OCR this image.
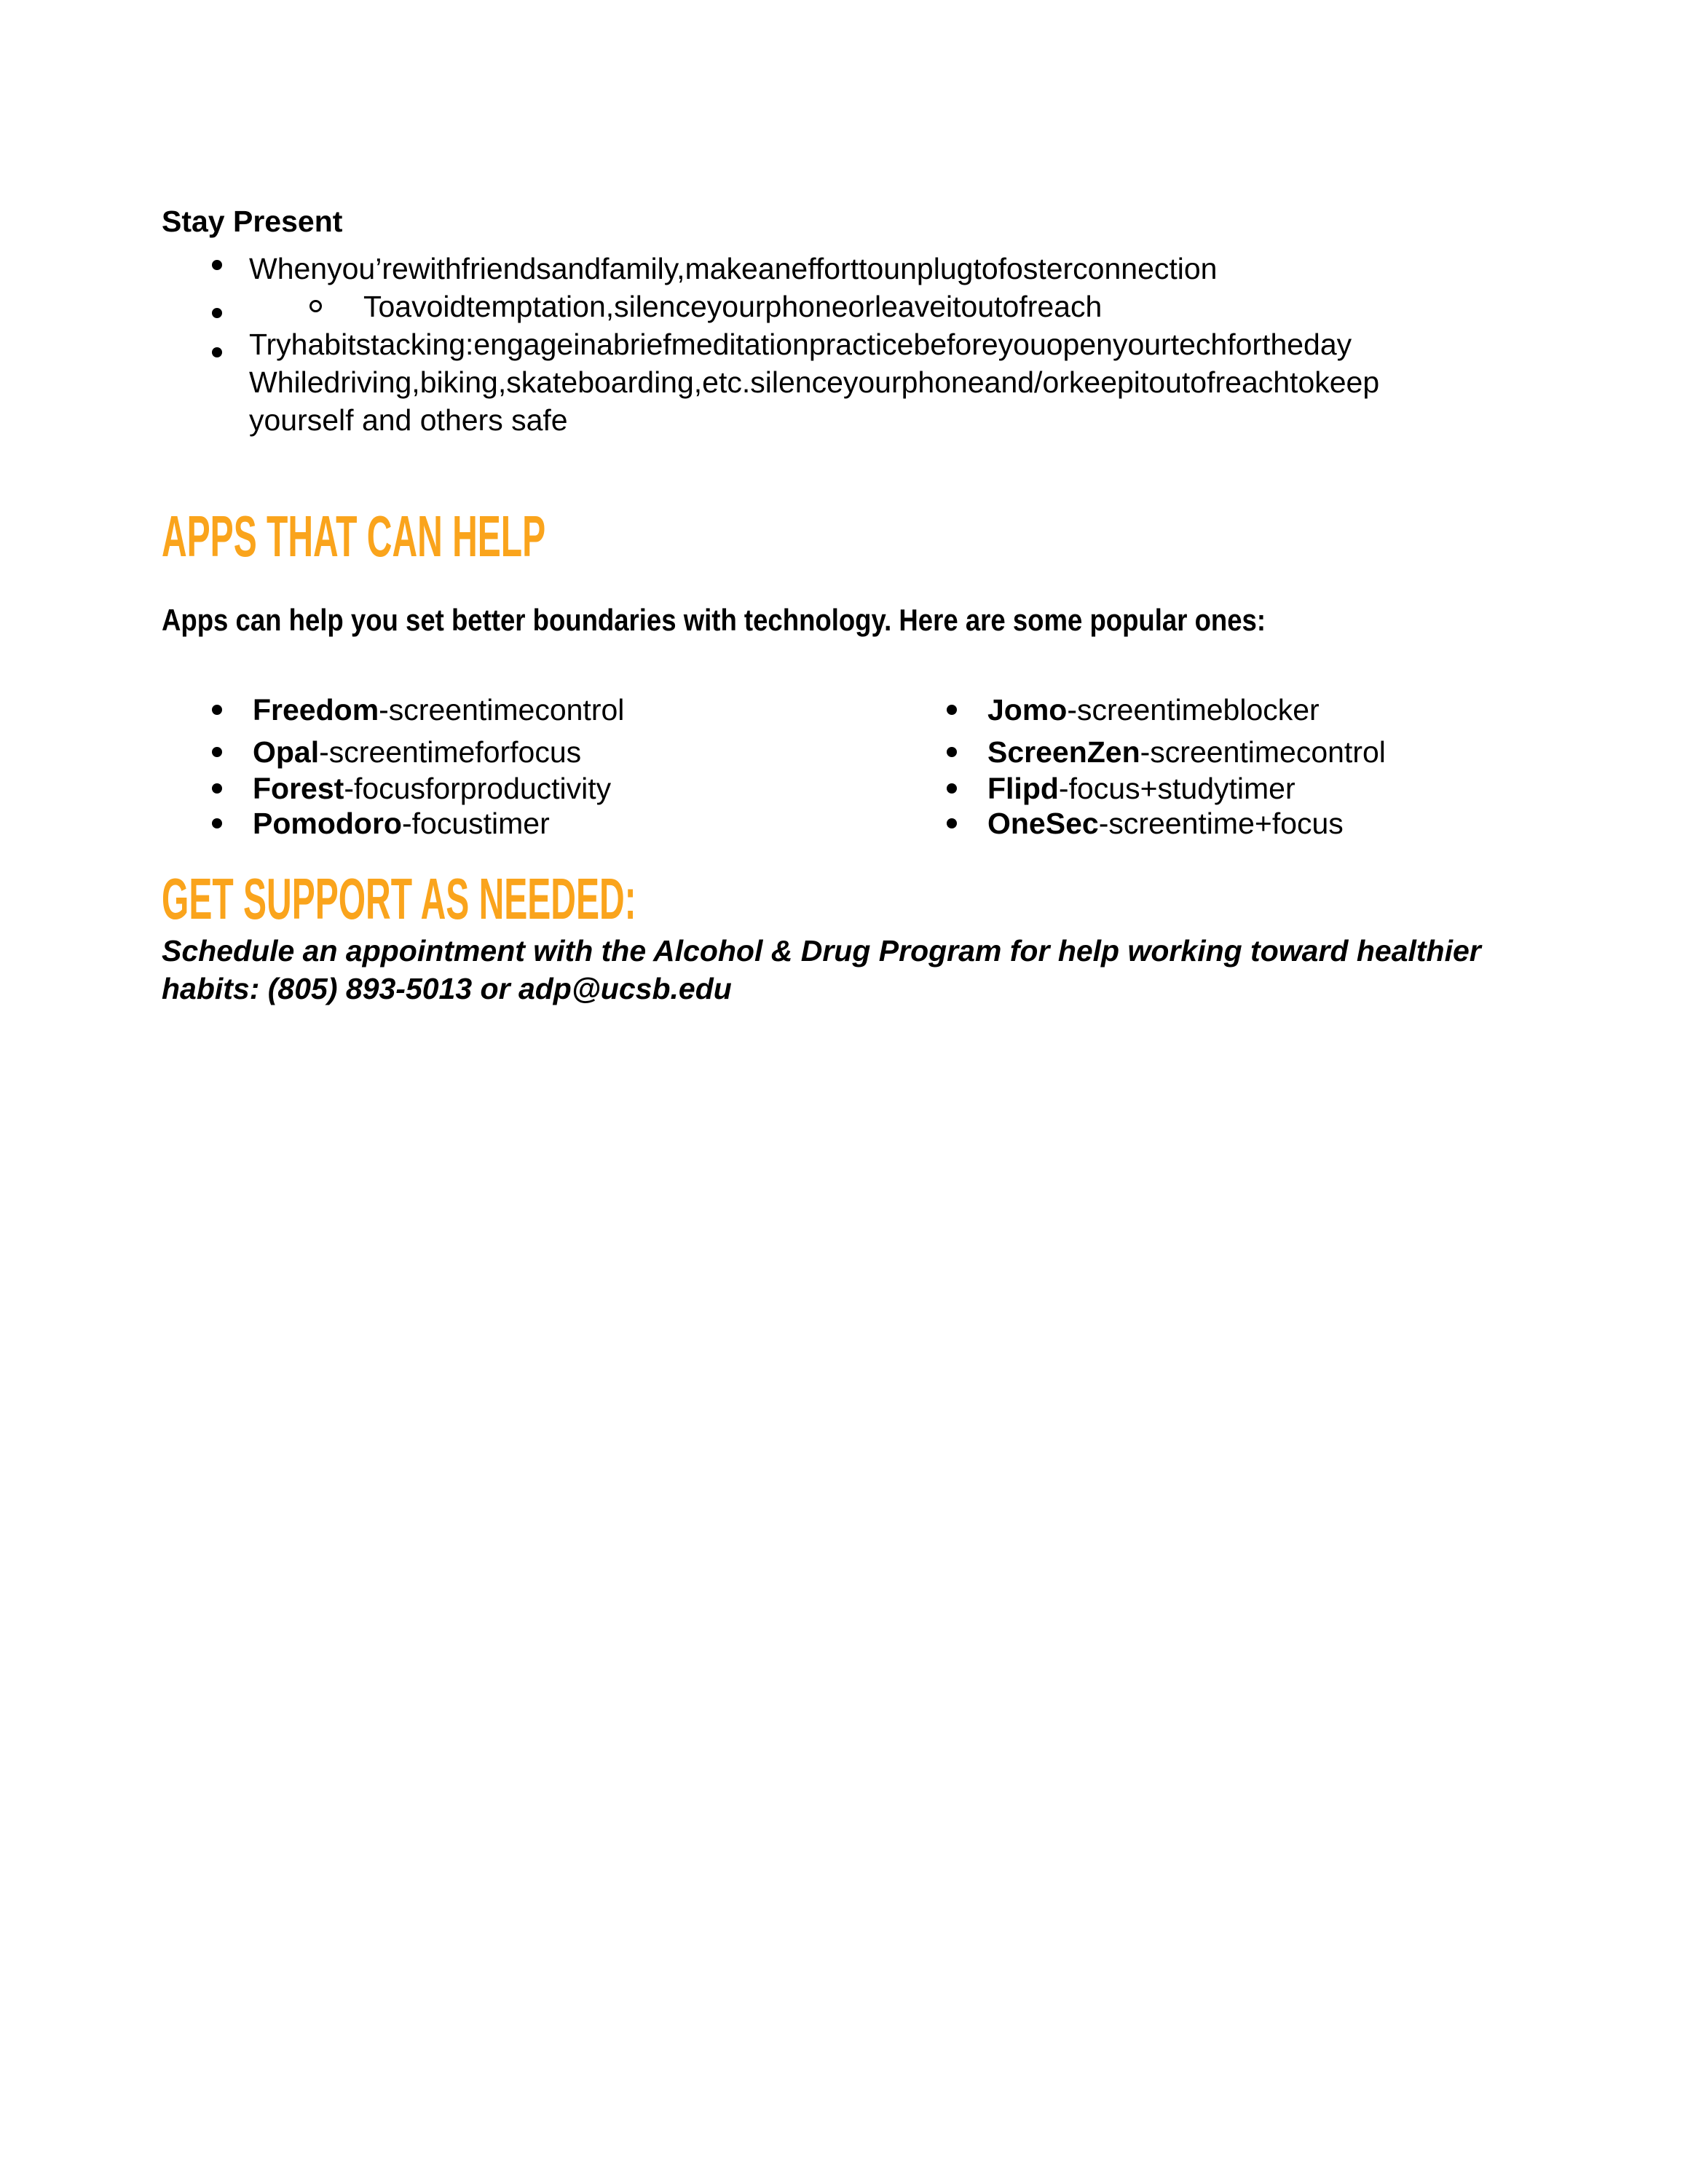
Stay Present
Whenyou’rewithfriendsandfamily,makeanefforttounplugtofosterconnection
Toavoidtemptation,silenceyourphoneorleaveitoutofreach
Tryhabitstacking:engageinabriefmeditationpracticebeforeyouopenyourtechfortheday
Whiledriving,biking,skateboarding,etc.silenceyourphoneand/orkeepitoutofreachtokeep
yourself and others safe
APPS THAT CAN HELP
Apps can help you set better boundaries with technology. Here are some popular ones:
Freedom-screentimecontrol
Opal-screentimeforfocus
Forest-focusforproductivity
Pomodoro-focustimer
Jomo-screentimeblocker
ScreenZen-screentimecontrol
Flipd-focus+studytimer
OneSec-screentime+focus
GET SUPPORT AS NEEDED:
Schedule an appointment with the Alcohol & Drug Program for help working toward healthier
habits: (805) 893-5013 or adp@ucsb.edu
